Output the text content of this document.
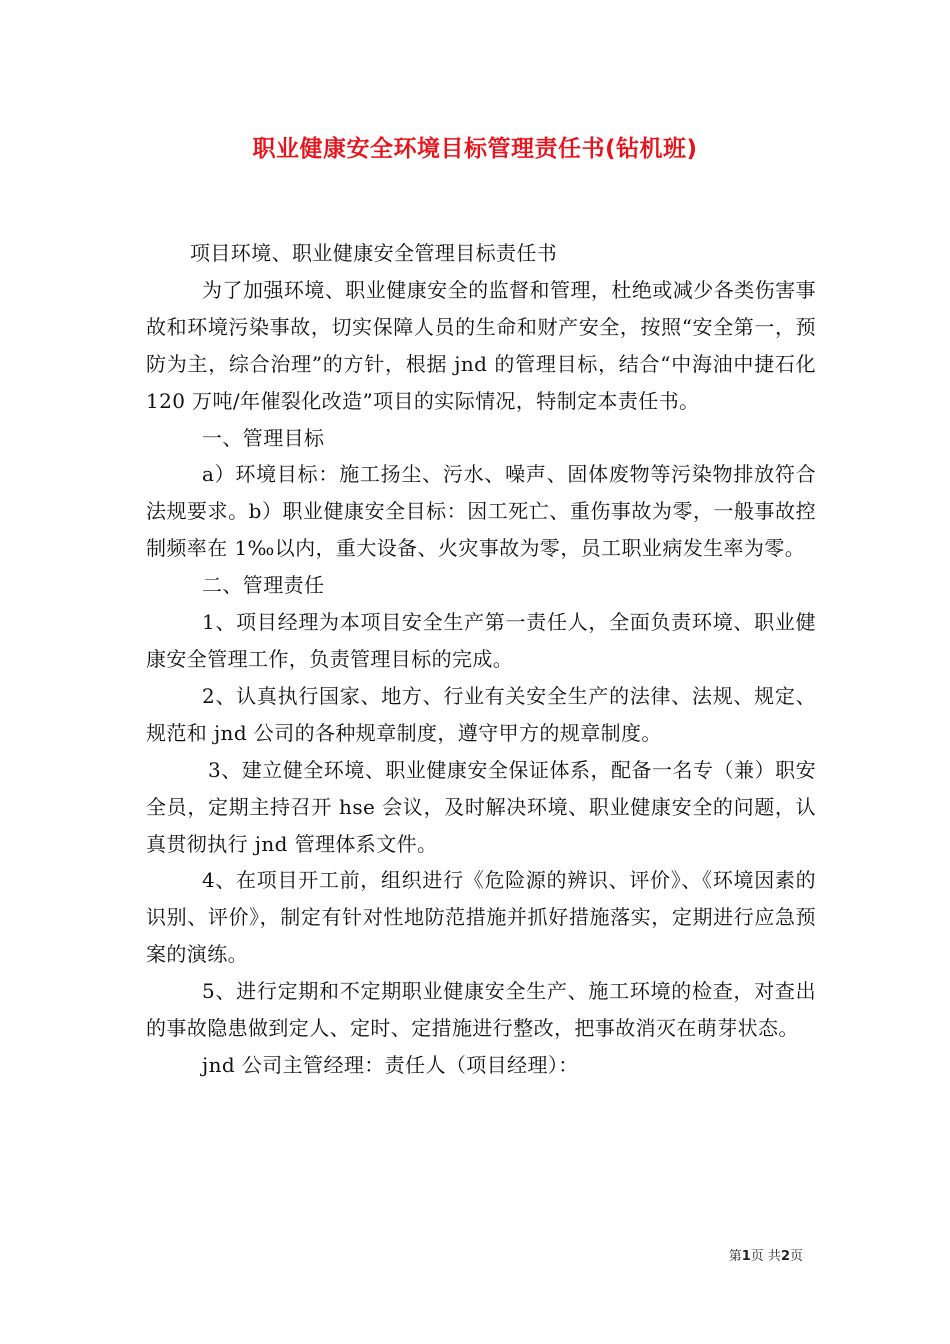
职业健康安全环境目标管理责任书(钻机班)

项目环境、职业健康安全管理目标责任书

为了加强环境、职业健康安全的监督和管理，杜绝或减少各类伤害事故和环境污染事故，切实保障人员的生命和财产安全，按照“安全第一，预防为主，综合治理”的方针，根据 jnd 的管理目标，结合“中海油中捷石化 120 万吨/年催裂化改造”项目的实际情况，特制定本责任书。

一、管理目标

a）环境目标：施工扬尘、污水、噪声、固体废物等污染物排放符合法规要求。b）职业健康安全目标：因工死亡、重伤事故为零，一般事故控制频率在 1‰以内，重大设备、火灾事故为零，员工职业病发生率为零。

二、管理责任

1、项目经理为本项目安全生产第一责任人，全面负责环境、职业健康安全管理工作，负责管理目标的完成。

2、认真执行国家、地方、行业有关安全生产的法律、法规、规定、规范和 jnd 公司的各种规章制度，遵守甲方的规章制度。

3、建立健全环境、职业健康安全保证体系，配备一名专（兼）职安全员，定期主持召开 hse 会议，及时解决环境、职业健康安全的问题，认真贯彻执行 jnd 管理体系文件。

4、在项目开工前，组织进行《危险源的辨识、评价》、《环境因素的识别、评价》，制定有针对性地防范措施并抓好措施落实，定期进行应急预案的演练。

5、进行定期和不定期职业健康安全生产、施工环境的检查，对查出的事故隐患做到定人、定时、定措施进行整改，把事故消灭在萌芽状态。

jnd 公司主管经理：责任人（项目经理）：

第1页 共2页
